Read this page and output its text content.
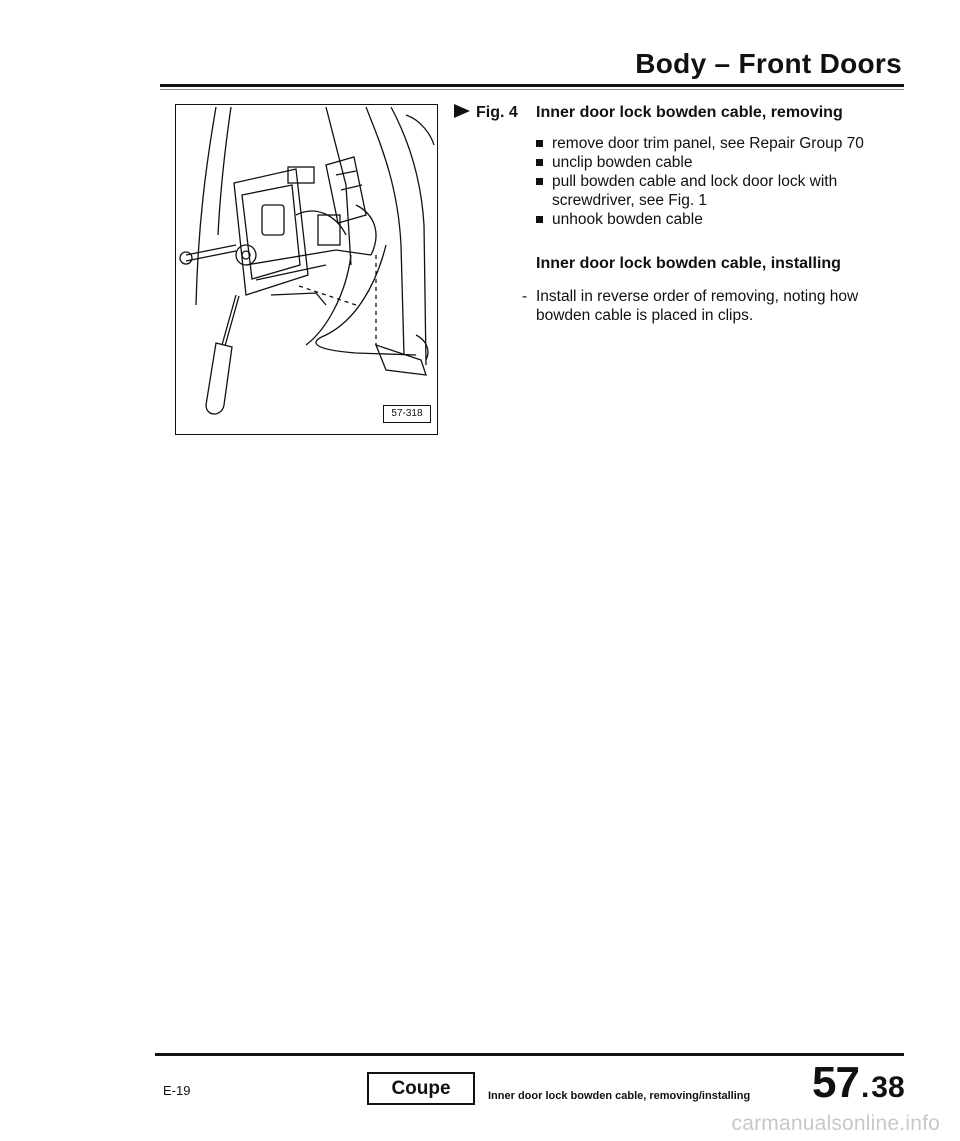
Body – Front Doors
57-318
Fig. 4 Inner door lock bowden cable, removing
remove door trim panel, see Repair Group 70
unclip bowden cable
pull bowden cable and lock door lock with screwdriver, see Fig. 1
unhook bowden cable
Inner door lock bowden cable, installing
- Install in reverse order of removing, noting how bowden cable is placed in clips.
E-19	Coupe	Inner door lock bowden cable, removing/installing 57.38
carmanualsonline.info
